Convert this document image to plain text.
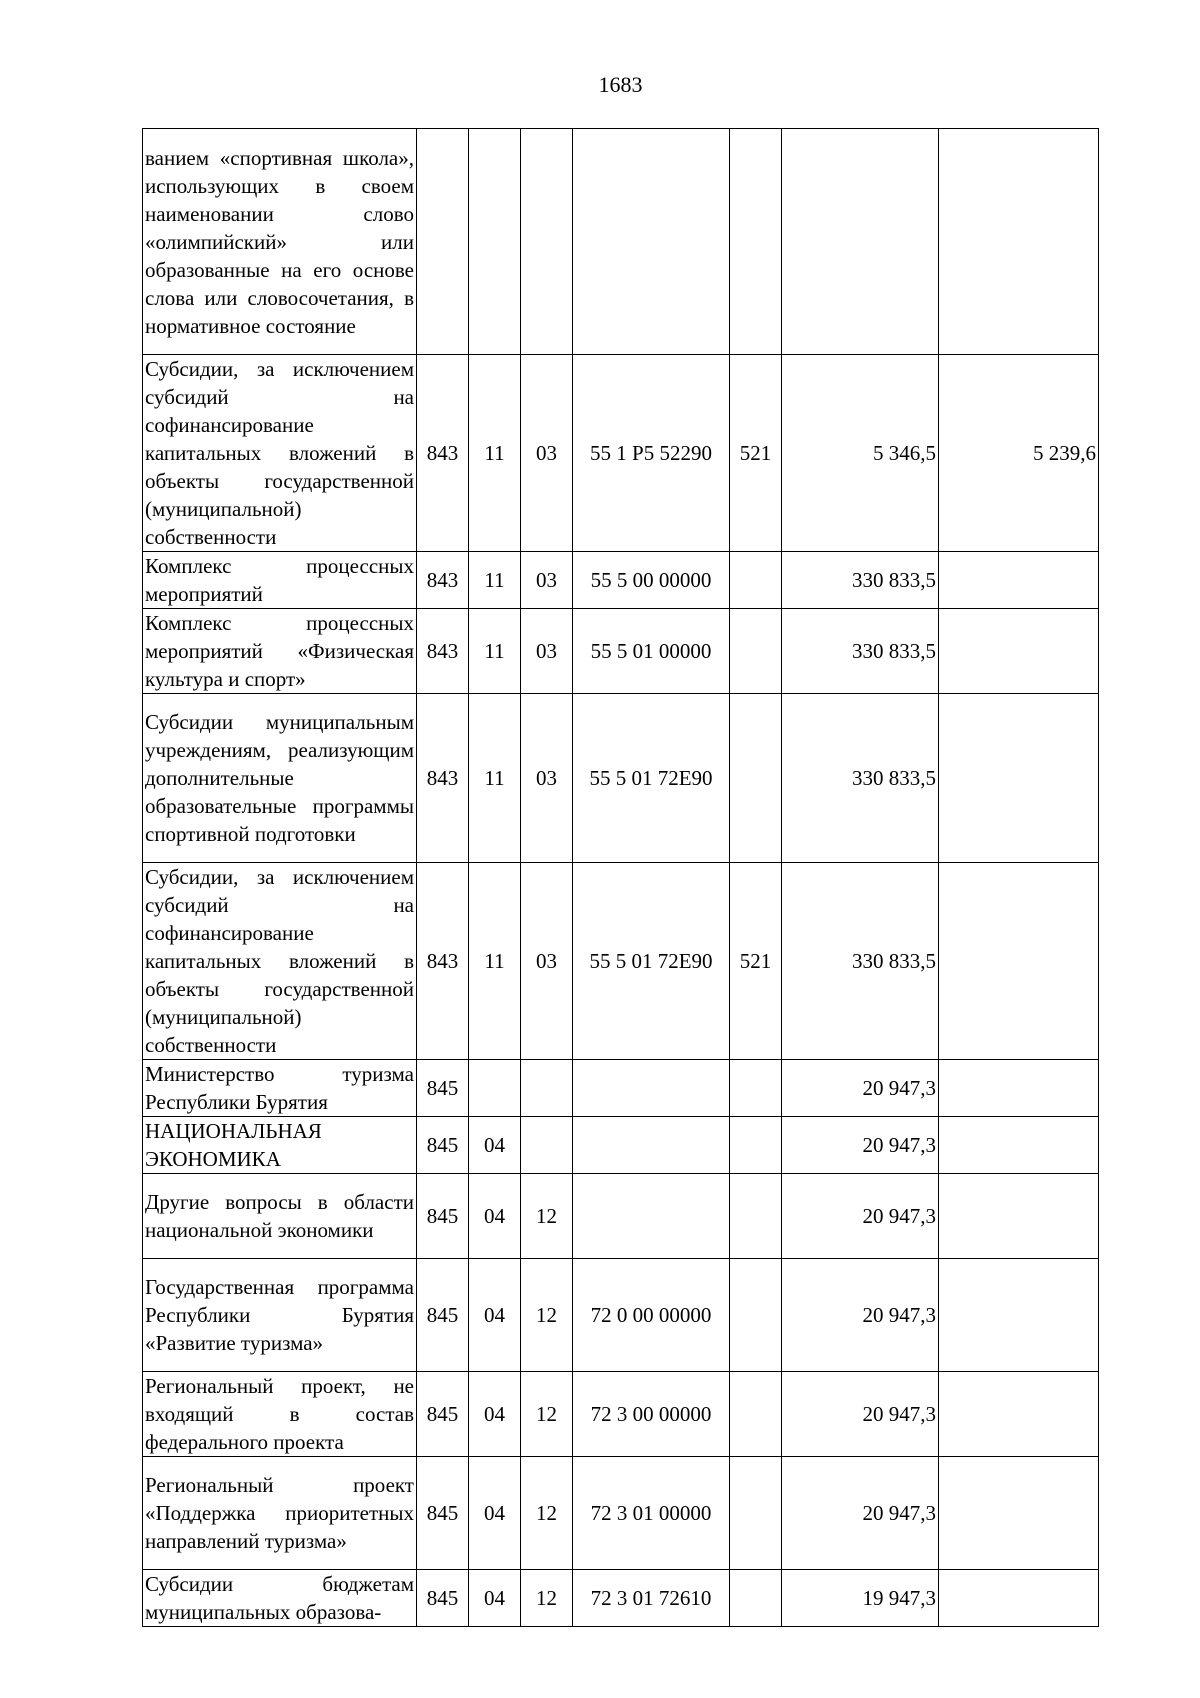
1683
ванием «спортивная школа», использующих в своем наименовании слово «олимпийский» или образованные на его основе слова или словосочетания, в нормативное состояние							
Субсидии, за исключением субсидий на софинансирование капитальных вложений в объекты государственной (муниципальной) собственности	843	11	03	55 1 P5 52290	521	5 346,5	5 239,6
Комплекс процессных мероприятий	843	11	03	55 5 00 00000		330 833,5	
Комплекс процессных мероприятий «Физическая культура и спорт»	843	11	03	55 5 01 00000		330 833,5	
Субсидии муниципальным учреждениям, реализующим дополнительные образовательные программы спортивной подготовки	843	11	03	55 5 01 72E90		330 833,5	
Субсидии, за исключением субсидий на софинансирование капитальных вложений в объекты государственной (муниципальной) собственности	843	11	03	55 5 01 72E90	521	330 833,5	
Министерство туризма Республики Бурятия	845					20 947,3	
НАЦИОНАЛЬНАЯ ЭКОНОМИКА	845	04				20 947,3	
Другие вопросы в области национальной экономики	845	04	12			20 947,3	
Государственная программа Республики Бурятия «Развитие туризма»	845	04	12	72 0 00 00000		20 947,3	
Региональный проект, не входящий в состав федерального проекта	845	04	12	72 3 00 00000		20 947,3	
Региональный проект «Поддержка приоритетных направлений туризма»	845	04	12	72 3 01 00000		20 947,3	
Субсидии бюджетам муниципальных образова-	845	04	12	72 3 01 72610		19 947,3	
